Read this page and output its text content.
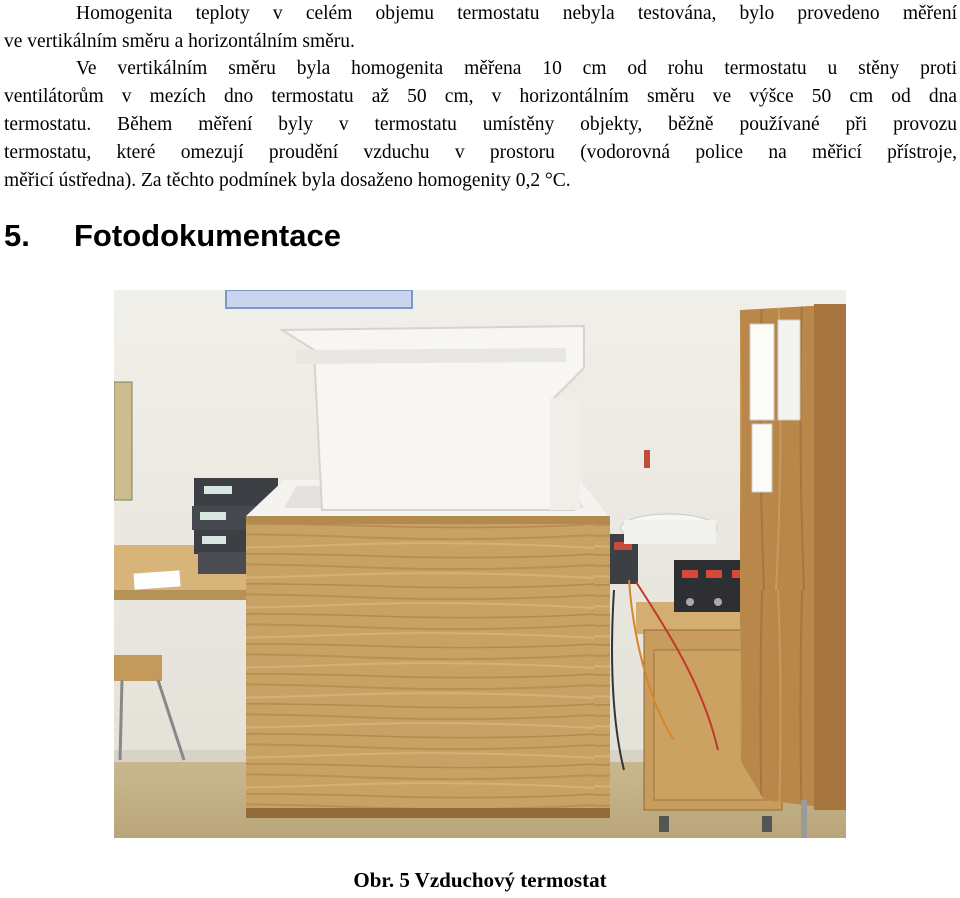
Homogenita teploty v celém objemu termostatu nebyla testována, bylo provedeno měření
ve vertikálním směru a horizontálním směru.
Ve vertikálním směru byla homogenita měřena 10 cm od rohu termostatu u stěny proti
ventilátorům v mezích dno termostatu až 50 cm, v horizontálním směru ve výšce 50 cm od dna
termostatu. Během měření byly v termostatu umístěny objekty, běžně používané při provozu
termostatu, které omezují proudění vzduchu v prostoru (vodorovná police na měřicí přístroje,
měřicí ústředna). Za těchto podmínek byla dosaženo homogenity 0,2 °C.
5. Fotodokumentace
Obr. 5 Vzduchový termostat
